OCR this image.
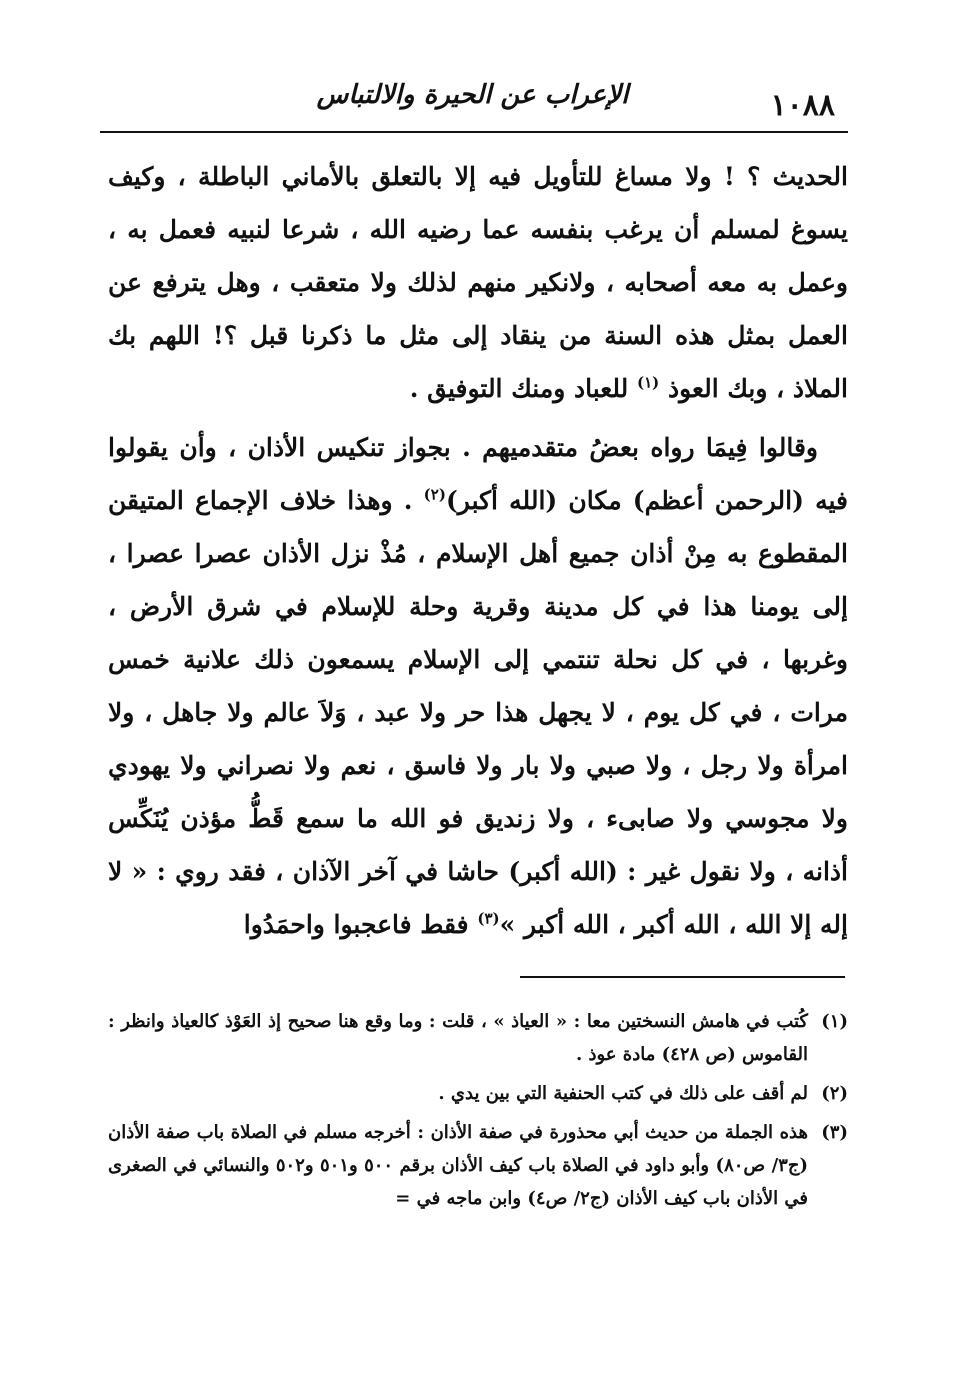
١٠٨٨
الإعراب عن الحيرة والالتباس

الحديث ؟ ! ولا مساغ للتأويل فيه إلا بالتعلق بالأماني الباطلة ، وكيف يسوغ لمسلم أن يرغب بنفسه عما رضيه الله ، شرعا لنبيه فعمل به ، وعمل به معه أصحابه ، ولانكير منهم لذلك ولا متعقب ، وهل يترفع عن العمل بمثل هذه السنة من ينقاد إلى مثل ما ذكرنا قبل ؟! اللهم بك الملاذ ، وبك العوذ $^{(١)}$ للعباد ومنك التوفيق .

وقالوا فِيمَا رواه بعضُ متقدميهم . بجواز تنكيس الأذان ، وأن يقولوا فيه (الرحمن أعظم) مكان (الله أكبر)$^{(٢)}$ . وهذا خلاف الإجماع المتيقن المقطوع به مِنْ أذان جميع أهل الإسلام ، مُذْ نزل الأذان عصرا عصرا ، إلى يومنا هذا في كل مدينة وقرية وحلة للإسلام في شرق الأرض ، وغربها ، في كل نحلة تنتمي إلى الإسلام يسمعون ذلك علانية خمس مرات ، في كل يوم ، لا يجهل هذا حر ولا عبد ، وَلاَ عالم ولا جاهل ، ولا امرأة ولا رجل ، ولا صبي ولا بار ولا فاسق ، نعم ولا نصراني ولا يهودي ولا مجوسي ولا صابىء ، ولا زنديق فو الله ما سمع قَطُّ مؤذن يُنَكِّس أذانه ، ولا نقول غير : (الله أكبر) حاشا في آخر الآذان ، فقد روي : « لا إله إلا الله ، الله أكبر ، الله أكبر »$^{(٣)}$ فقط فاعجبوا واحمَدُوا

(١)
كُتب في هامش النسختين معا : « العياذ » ، قلت : وما وقع هنا صحيح إذ العَوْذ كالعياذ وانظر : القاموس (ص ٤٢٨) مادة عوذ .
(٢)
لم أقف على ذلك في كتب الحنفية التي بين يدي .
(٣)
هذه الجملة من حديث أبي محذورة في صفة الأذان : أخرجه مسلم في الصلاة باب صفة الأذان (ج٣/ ص٨٠) وأبو داود في الصلاة باب كيف الأذان برقم ٥٠٠ و٥٠١ و٥٠٢ والنسائي في الصغرى في الأذان باب كيف الأذان (ج٢/ ص٤) وابن ماجه في =
